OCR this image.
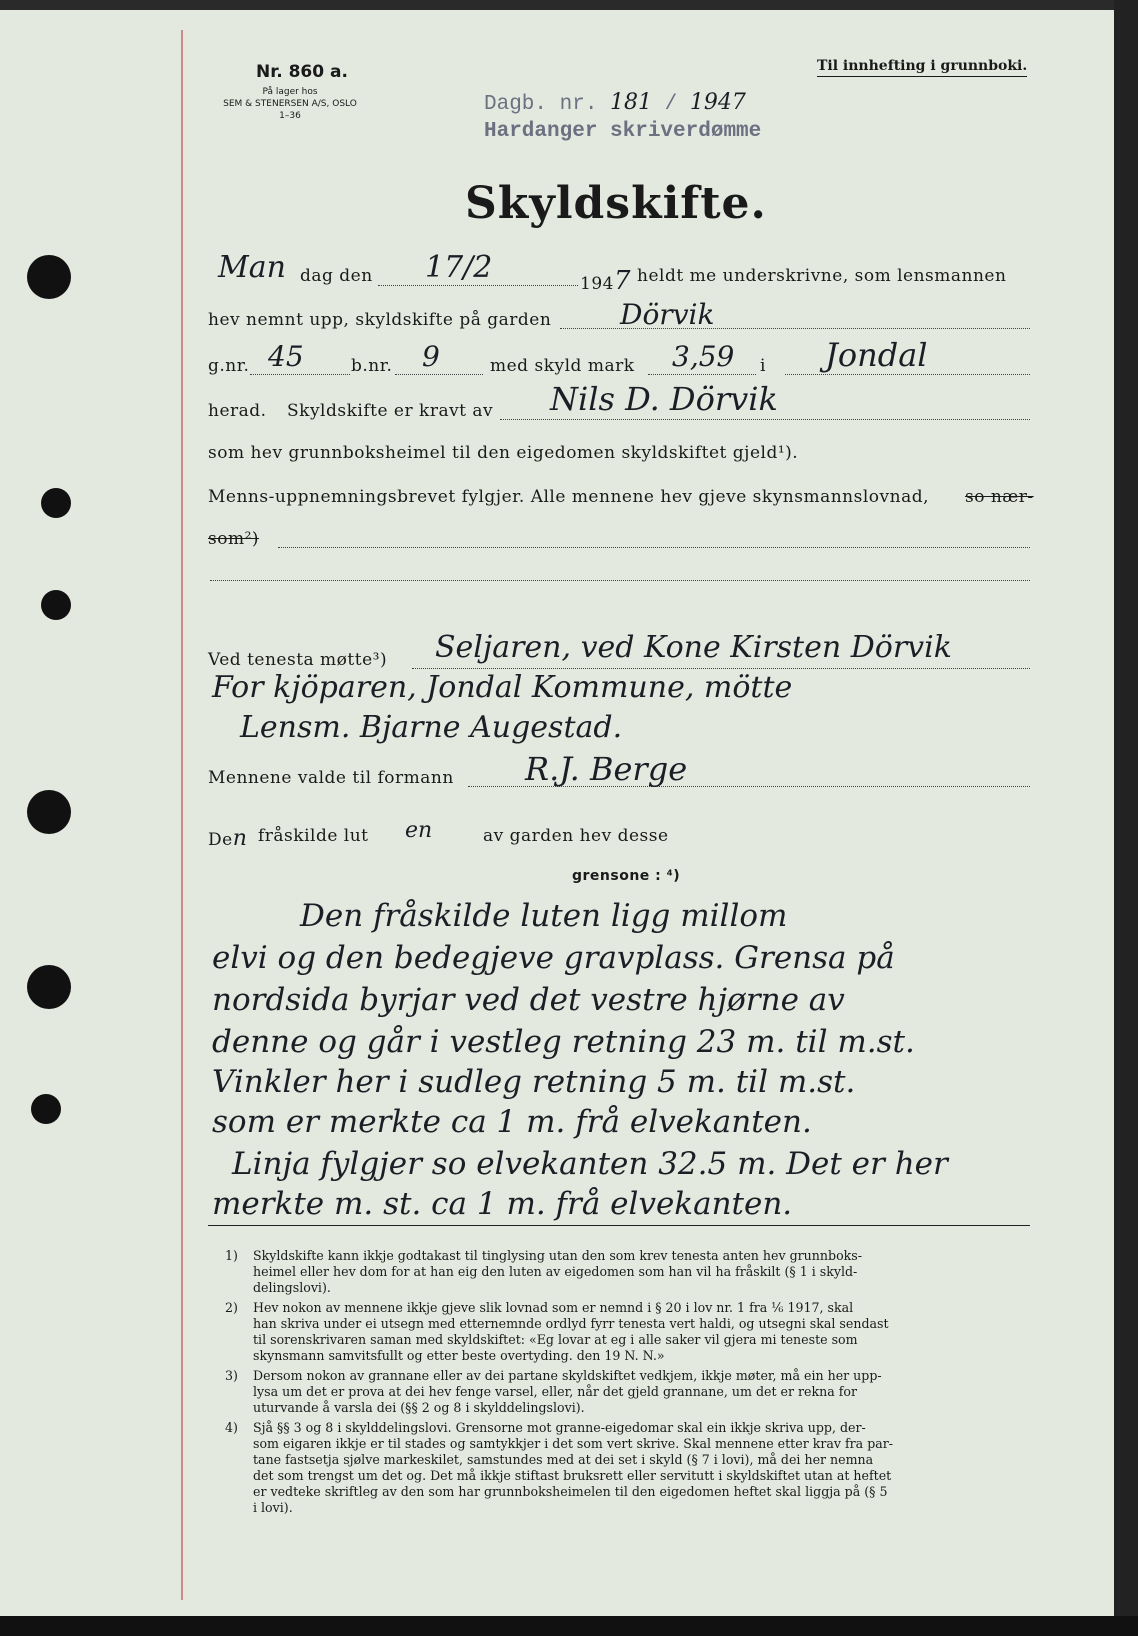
Nr. 860 a.
På lager hos
SEM & STENERSEN A/S, OSLO
1–36	Dagb. nr. 181 / 1947
Hardanger skriverdømme
Til innhefting i grunnboki.
Skyldskifte.
Man dag den 17/2	1947 heldt me underskrivne, som lensmannen
hev nemnt upp, skyldskifte på garden Dörvik
g.nr. 45	b.nr. 9	med skyld mark 3,59 i Jondal
herad. Skyldskifte er kravt av Nils D. Dörvik
som hev grunnboksheimel til den eigedomen skyldskiftet gjeld¹).
Menns-uppnemningsbrevet fylgjer. Alle mennene hev gjeve skynsmannslovnad, so nær-
som²)
Ved tenesta møtte³) Seljaren, ved Kone Kirsten Dörvik
For kjöparen, Jondal Kommune, mötte
Lensm. Bjarne Augestad.
Mennene valde til formann R.J. Berge
Den fråskilde lut en	av garden hev desse
grensone : ⁴)
Den fråskilde luten ligg millom
elvi og den bedegjeve gravplass. Grensa på
nordsida byrjar ved det vestre hjørne av
denne og går i vestleg retning 23 m. til m.st.
Vinkler her i sudleg retning 5 m. til m.st.
som er merkte ca 1 m. frå elvekanten.
Linja fylgjer so elvekanten 32.5 m. Det er her
merkte m. st. ca 1 m. frå elvekanten.
1) Skyldskifte kann ikkje godtakast til tinglysing utan den som krev tenesta anten hev grunnboks-
heimel eller hev dom for at han eig den luten av eigedomen som han vil ha fråskilt (§ 1 i skyld-
delingslovi).
2) Hev nokon av mennene ikkje gjeve slik lovnad som er nemnd i § 20 i lov nr. 1 fra ⅙ 1917, skal
han skriva under ei utsegn med etternemnde ordlyd fyrr tenesta vert haldi, og utsegni skal sendast
til sorenskrivaren saman med skyldskiftet: «Eg lovar at eg i alle saker vil gjera mi teneste som
skynsmann samvitsfullt og etter beste overtyding. den 19 N. N.»
3) Dersom nokon av grannane eller av dei partane skyldskiftet vedkjem, ikkje møter, må ein her upp-
lysa um det er prova at dei hev fenge varsel, eller, når det gjeld grannane, um det er rekna for
uturvande å varsla dei (§§ 2 og 8 i skylddelingslovi).
4) Sjå §§ 3 og 8 i skylddelingslovi. Grensorne mot granne-eigedomar skal ein ikkje skriva upp, der-
som eigaren ikkje er til stades og samtykkjer i det som vert skrive. Skal mennene etter krav fra par-
tane fastsetja sjølve markeskilet, samstundes med at dei set i skyld (§ 7 i lovi), må dei her nemna
det som trengst um det og. Det må ikkje stiftast bruksrett eller servitutt i skyldskiftet utan at heftet
er vedteke skriftleg av den som har grunnboksheimelen til den eigedomen heftet skal liggja på (§ 5
i lovi).
